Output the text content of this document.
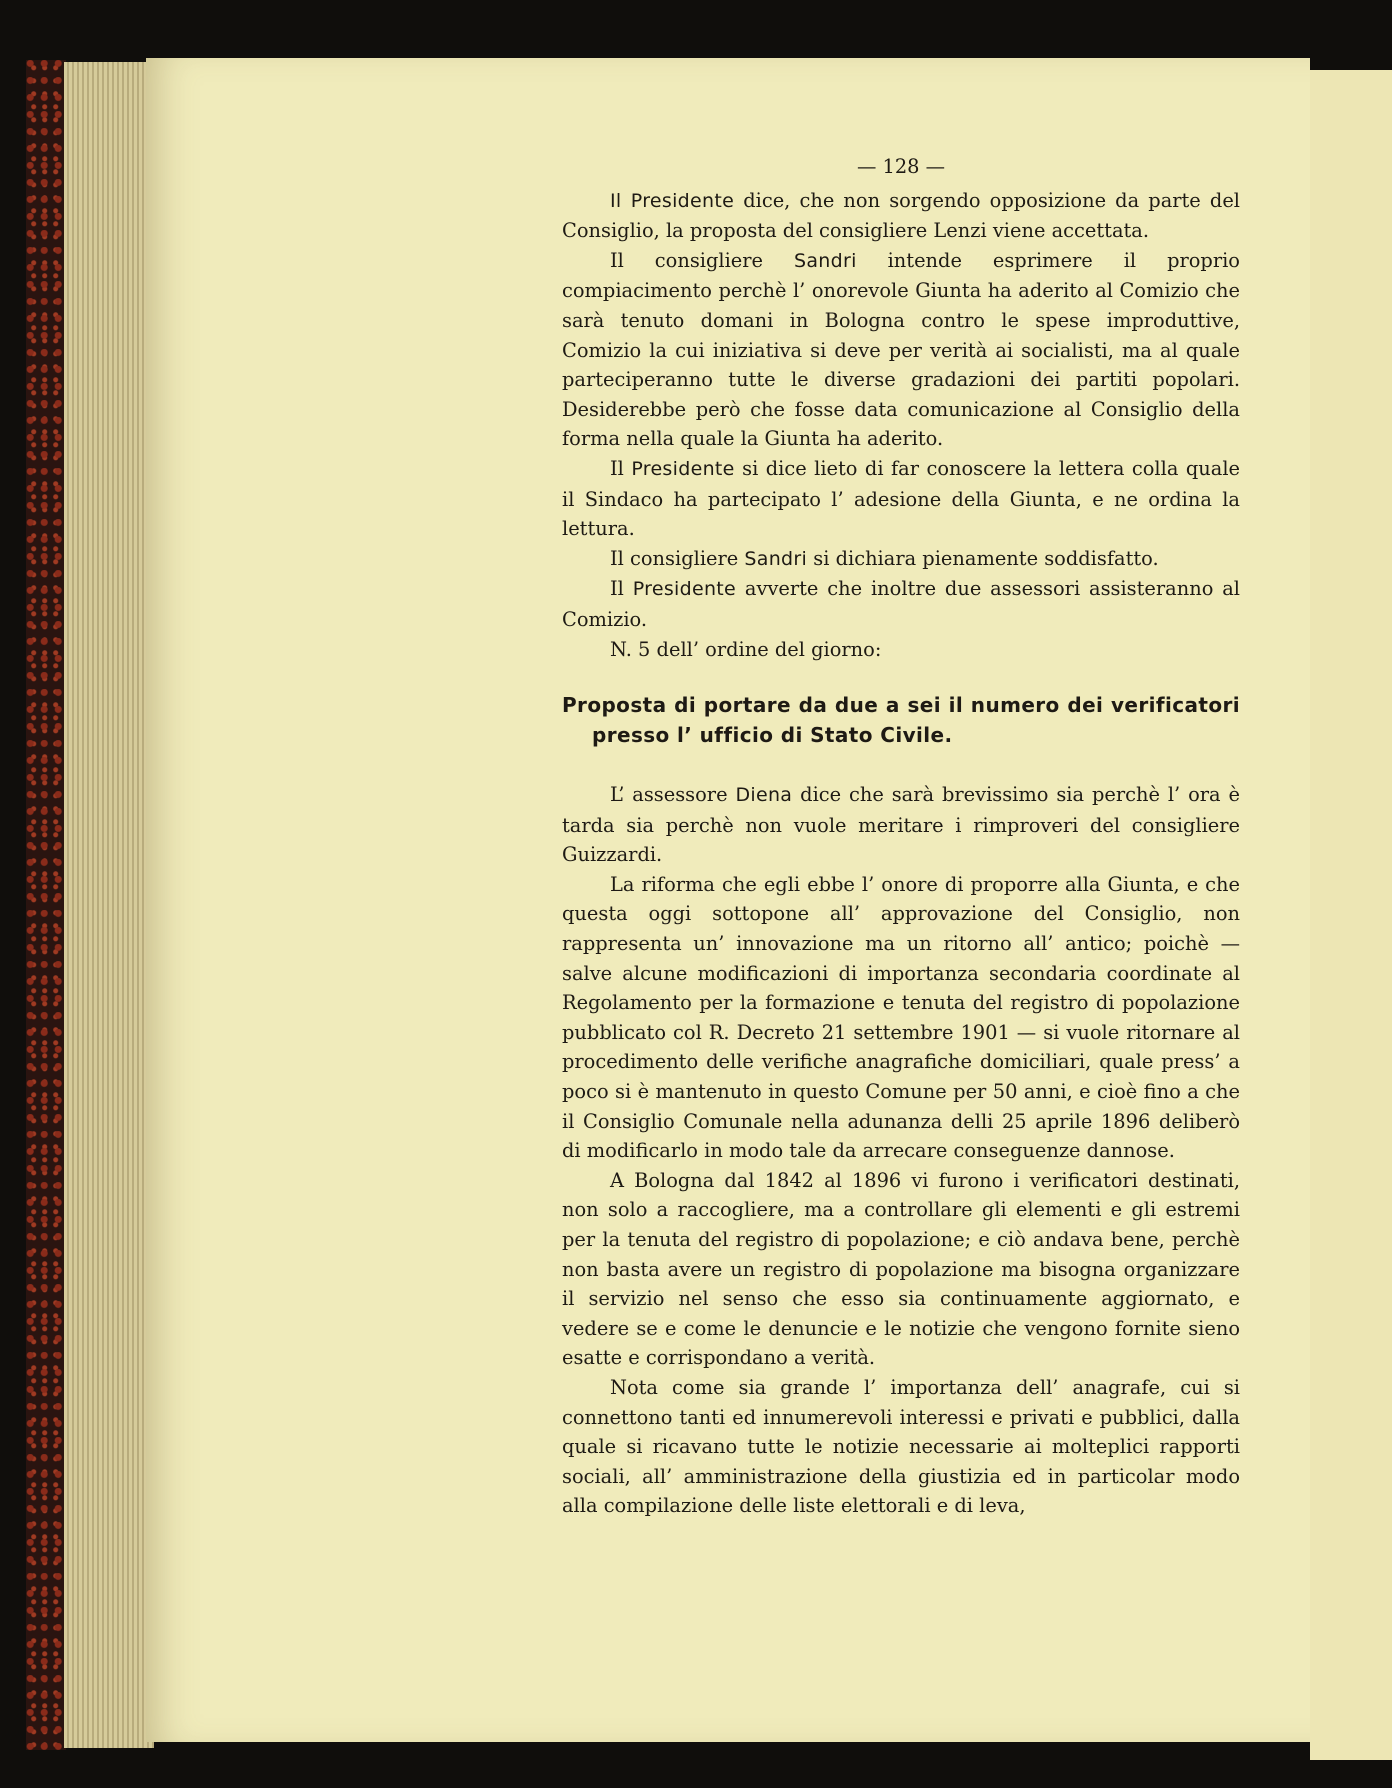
— 128 —

Il Presidente dice, che non sorgendo opposizione da parte del Consiglio, la proposta del consigliere Lenzi viene accettata.

Il consigliere Sandri intende esprimere il proprio compiacimento perchè l’ onorevole Giunta ha aderito al Comizio che sarà tenuto domani in Bologna contro le spese improduttive, Comizio la cui iniziativa si deve per verità ai socialisti, ma al quale parteciperanno tutte le diverse gradazioni dei partiti popolari. Desiderebbe però che fosse data comunicazione al Consiglio della forma nella quale la Giunta ha aderito.

Il Presidente si dice lieto di far conoscere la lettera colla quale il Sindaco ha partecipato l’ adesione della Giunta, e ne ordina la lettura.

Il consigliere Sandri si dichiara pienamente soddisfatto.

Il Presidente avverte che inoltre due assessori assisteranno al Comizio.

N. 5 dell’ ordine del giorno:

Proposta di portare da due a sei il numero dei verificatori presso l’ ufficio di Stato Civile.

L’ assessore Diena dice che sarà brevissimo sia perchè l’ ora è tarda sia perchè non vuole meritare i rimproveri del consigliere Guizzardi.

La riforma che egli ebbe l’ onore di proporre alla Giunta, e che questa oggi sottopone all’ approvazione del Consiglio, non rappresenta un’ innovazione ma un ritorno all’ antico; poichè — salve alcune modificazioni di importanza secondaria coordinate al Regolamento per la formazione e tenuta del registro di popolazione pubblicato col R. Decreto 21 settembre 1901 — si vuole ritornare al procedimento delle verifiche anagrafiche domiciliari, quale press’ a poco si è mantenuto in questo Comune per 50 anni, e cioè fino a che il Consiglio Comunale nella adunanza delli 25 aprile 1896 deliberò di modificarlo in modo tale da arrecare conseguenze dannose.

A Bologna dal 1842 al 1896 vi furono i verificatori destinati, non solo a raccogliere, ma a controllare gli elementi e gli estremi per la tenuta del registro di popolazione; e ciò andava bene, perchè non basta avere un registro di popolazione ma bisogna organizzare il servizio nel senso che esso sia continuamente aggiornato, e vedere se e come le denuncie e le notizie che vengono fornite sieno esatte e corrispondano a verità.

Nota come sia grande l’ importanza dell’ anagrafe, cui si connettono tanti ed innumerevoli interessi e privati e pubblici, dalla quale si ricavano tutte le notizie necessarie ai molteplici rapporti sociali, all’ amministrazione della giustizia ed in particolar modo alla compilazione delle liste elettorali e di leva,
